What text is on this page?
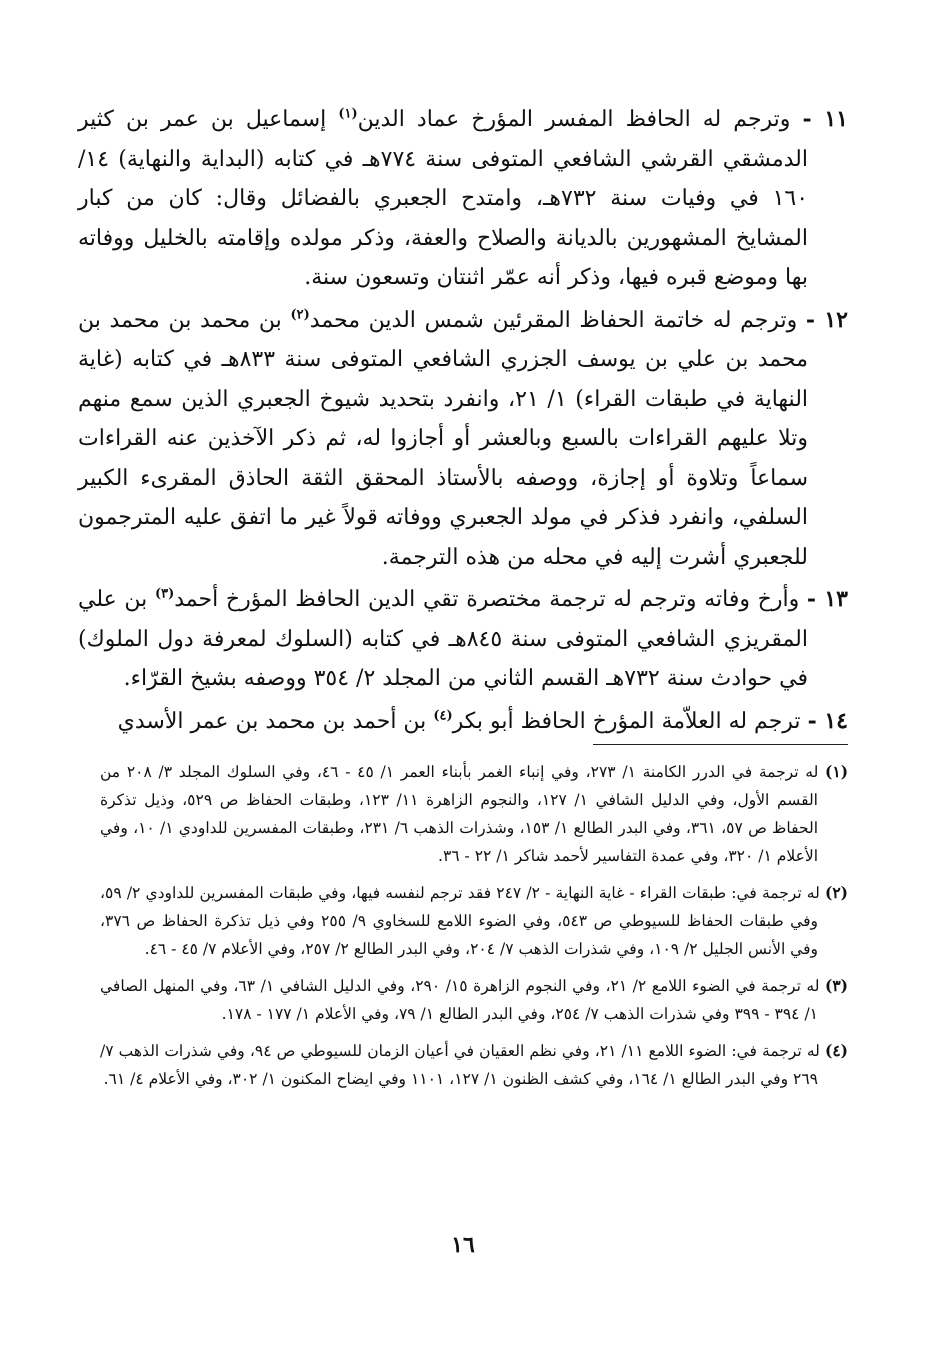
١١ - وترجم له الحافظ المفسر المؤرخ عماد الدين$^{(١)}$ إسماعيل بن عمر بن كثير الدمشقي القرشي الشافعي المتوفى سنة ٧٧٤هـ في كتابه (البداية والنهاية) ١٤/ ١٦٠ في وفيات سنة ٧٣٢هـ، وامتدح الجعبري بالفضائل وقال: كان من كبار المشايخ المشهورين بالديانة والصلاح والعفة، وذكر مولده وإقامته بالخليل ووفاته بها وموضع قبره فيها، وذكر أنه عمّر اثنتان وتسعون سنة.

١٢ - وترجم له خاتمة الحفاظ المقرئين شمس الدين محمد$^{(٢)}$ بن محمد بن محمد بن محمد بن علي بن يوسف الجزري الشافعي المتوفى سنة ٨٣٣هـ في كتابه (غاية النهاية في طبقات القراء) ١/ ٢١، وانفرد بتحديد شيوخ الجعبري الذين سمع منهم وتلا عليهم القراءات بالسبع وبالعشر أو أجازوا له، ثم ذكر الآخذين عنه القراءات سماعاً وتلاوة أو إجازة، ووصفه بالأستاذ المحقق الثقة الحاذق المقرىء الكبير السلفي، وانفرد فذكر في مولد الجعبري ووفاته قولاً غير ما اتفق عليه المترجمون للجعبري أشرت إليه في محله من هذه الترجمة.

١٣ - وأرخ وفاته وترجم له ترجمة مختصرة تقي الدين الحافظ المؤرخ أحمد$^{(٣)}$ بن علي المقريزي الشافعي المتوفى سنة ٨٤٥هـ في كتابه (السلوك لمعرفة دول الملوك) في حوادث سنة ٧٣٢هـ القسم الثاني من المجلد ٢/ ٣٥٤ ووصفه بشيخ القرّاء.

١٤ - ترجم له العلاّمة المؤرخ الحافظ أبو بكر$^{(٤)}$ بن أحمد بن محمد بن عمر الأسدي

(١) له ترجمة في الدرر الكامنة ١/ ٢٧٣، وفي إنباء الغمر بأبناء العمر ١/ ٤٥ - ٤٦، وفي السلوك المجلد ٣/ ٢٠٨ من القسم الأول، وفي الدليل الشافي ١/ ١٢٧، والنجوم الزاهرة ١١/ ١٢٣، وطبقات الحفاظ ص ٥٢٩، وذيل تذكرة الحفاظ ص ٥٧، ٣٦١، وفي البدر الطالع ١/ ١٥٣، وشذرات الذهب ٦/ ٢٣١، وطبقات المفسرين للداودي ١/ ١٠، وفي الأعلام ١/ ٣٢٠، وفي عمدة التفاسير لأحمد شاكر ١/ ٢٢ - ٣٦.

(٢) له ترجمة في: طبقات القراء - غاية النهاية - ٢/ ٢٤٧ فقد ترجم لنفسه فيها، وفي طبقات المفسرين للداودي ٢/ ٥٩، وفي طبقات الحفاظ للسيوطي ص ٥٤٣، وفي الضوء اللامع للسخاوي ٩/ ٢٥٥ وفي ذيل تذكرة الحفاظ ص ٣٧٦، وفي الأنس الجليل ٢/ ١٠٩، وفي شذرات الذهب ٧/ ٢٠٤، وفي البدر الطالع ٢/ ٢٥٧، وفي الأعلام ٧/ ٤٥ - ٤٦.

(٣) له ترجمة في الضوء اللامع ٢/ ٢١، وفي النجوم الزاهرة ١٥/ ٢٩٠، وفي الدليل الشافي ١/ ٦٣، وفي المنهل الصافي ١/ ٣٩٤ - ٣٩٩ وفي شذرات الذهب ٧/ ٢٥٤، وفي البدر الطالع ١/ ٧٩، وفي الأعلام ١/ ١٧٧ - ١٧٨.

(٤) له ترجمة في: الضوء اللامع ١١/ ٢١، وفي نظم العقيان في أعيان الزمان للسيوطي ص ٩٤، وفي شذرات الذهب ٧/ ٢٦٩ وفي البدر الطالع ١/ ١٦٤، وفي كشف الظنون ١/ ١٢٧، ١١٠١ وفي ايضاح المكنون ١/ ٣٠٢، وفي الأعلام ٤/ ٦١.

١٦
